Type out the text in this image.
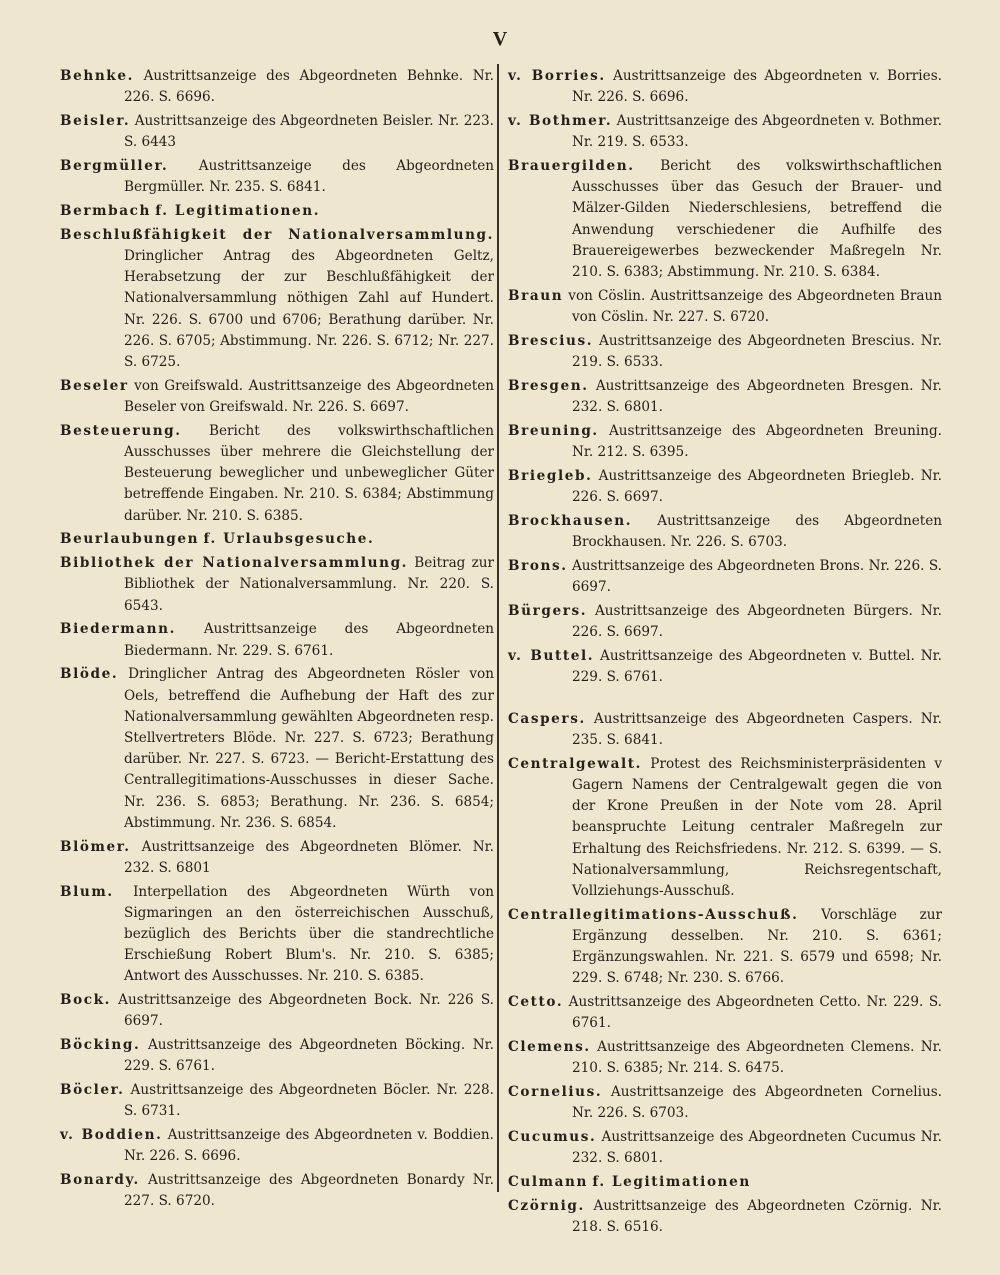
V

Behnke. Austrittsanzeige des Abgeordneten Behnke. Nr. 226. S. 6696.

Beisler. Austrittsanzeige des Abgeordneten Beisler. Nr. 223. S. 6443

Bergmüller. Austrittsanzeige des Abgeordneten Bergmüller. Nr. 235. S. 6841.

Bermbach f. Legitimationen.

Beschlußfähigkeit der Nationalversammlung. Dringlicher Antrag des Abgeordneten Geltz, Herabsetzung der zur Beschlußfähigkeit der Nationalversammlung nöthigen Zahl auf Hundert. Nr. 226. S. 6700 und 6706; Berathung darüber. Nr. 226. S. 6705; Abstimmung. Nr. 226. S. 6712; Nr. 227. S. 6725.

Beseler von Greifswald. Austrittsanzeige des Abgeordneten Beseler von Greifswald. Nr. 226. S. 6697.

Besteuerung. Bericht des volkswirthschaftlichen Ausschusses über mehrere die Gleichstellung der Besteuerung beweglicher und unbeweglicher Güter betreffende Eingaben. Nr. 210. S. 6384; Abstimmung darüber. Nr. 210. S. 6385.

Beurlaubungen f. Urlaubsgesuche.

Bibliothek der Nationalversammlung. Beitrag zur Bibliothek der Nationalversammlung. Nr. 220. S. 6543.

Biedermann. Austrittsanzeige des Abgeordneten Biedermann. Nr. 229. S. 6761.

Blöde. Dringlicher Antrag des Abgeordneten Rösler von Oels, betreffend die Aufhebung der Haft des zur Nationalversammlung gewählten Abgeordneten resp. Stellvertreters Blöde. Nr. 227. S. 6723; Berathung darüber. Nr. 227. S. 6723. — Bericht-Erstattung des Centrallegitimations-Ausschusses in dieser Sache. Nr. 236. S. 6853; Berathung. Nr. 236. S. 6854; Abstimmung. Nr. 236. S. 6854.

Blömer. Austrittsanzeige des Abgeordneten Blömer. Nr. 232. S. 6801

Blum. Interpellation des Abgeordneten Würth von Sigmaringen an den österreichischen Ausschuß, bezüglich des Berichts über die standrechtliche Erschießung Robert Blum's. Nr. 210. S. 6385; Antwort des Ausschusses. Nr. 210. S. 6385.

Bock. Austrittsanzeige des Abgeordneten Bock. Nr. 226 S. 6697.

Böcking. Austrittsanzeige des Abgeordneten Böcking. Nr. 229. S. 6761.

Böcler. Austrittsanzeige des Abgeordneten Böcler. Nr. 228. S. 6731.

v. Boddien. Austrittsanzeige des Abgeordneten v. Boddien. Nr. 226. S. 6696.

Bonardy. Austrittsanzeige des Abgeordneten Bonardy Nr. 227. S. 6720.

v. Borries. Austrittsanzeige des Abgeordneten v. Borries. Nr. 226. S. 6696.

v. Bothmer. Austrittsanzeige des Abgeordneten v. Bothmer. Nr. 219. S. 6533.

Brauergilden. Bericht des volkswirthschaftlichen Ausschusses über das Gesuch der Brauer- und Mälzer-Gilden Niederschlesiens, betreffend die Anwendung verschiedener die Aufhilfe des Brauereigewerbes bezweckender Maßregeln Nr. 210. S. 6383; Abstimmung. Nr. 210. S. 6384.

Braun von Cöslin. Austrittsanzeige des Abgeordneten Braun von Cöslin. Nr. 227. S. 6720.

Brescius. Austrittsanzeige des Abgeordneten Brescius. Nr. 219. S. 6533.

Bresgen. Austrittsanzeige des Abgeordneten Bresgen. Nr. 232. S. 6801.

Breuning. Austrittsanzeige des Abgeordneten Breuning. Nr. 212. S. 6395.

Briegleb. Austrittsanzeige des Abgeordneten Briegleb. Nr. 226. S. 6697.

Brockhausen. Austrittsanzeige des Abgeordneten Brockhausen. Nr. 226. S. 6703.

Brons. Austrittsanzeige des Abgeordneten Brons. Nr. 226. S. 6697.

Bürgers. Austrittsanzeige des Abgeordneten Bürgers. Nr. 226. S. 6697.

v. Buttel. Austrittsanzeige des Abgeordneten v. Buttel. Nr. 229. S. 6761.

Caspers. Austrittsanzeige des Abgeordneten Caspers. Nr. 235. S. 6841.

Centralgewalt. Protest des Reichsministerpräsidenten v Gagern Namens der Centralgewalt gegen die von der Krone Preußen in der Note vom 28. April beanspruchte Leitung centraler Maßregeln zur Erhaltung des Reichsfriedens. Nr. 212. S. 6399. — S. Nationalversammlung, Reichsregentschaft, Vollziehungs-Ausschuß.

Centrallegitimations-Ausschuß. Vorschläge zur Ergänzung desselben. Nr. 210. S. 6361; Ergänzungswahlen. Nr. 221. S. 6579 und 6598; Nr. 229. S. 6748; Nr. 230. S. 6766.

Cetto. Austrittsanzeige des Abgeordneten Cetto. Nr. 229. S. 6761.

Clemens. Austrittsanzeige des Abgeordneten Clemens. Nr. 210. S. 6385; Nr. 214. S. 6475.

Cornelius. Austrittsanzeige des Abgeordneten Cornelius. Nr. 226. S. 6703.

Cucumus. Austrittsanzeige des Abgeordneten Cucumus Nr. 232. S. 6801.

Culmann f. Legitimationen

Czörnig. Austrittsanzeige des Abgeordneten Czörnig. Nr. 218. S. 6516.
